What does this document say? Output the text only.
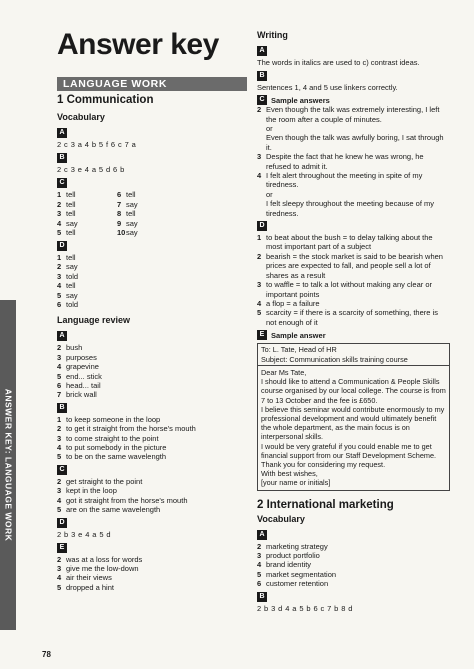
Answer key
LANGUAGE WORK
ANSWER KEY: LANGUAGE WORK
1 Communication
Vocabulary
A
2 c 3 a 4 b 5 f 6 c 7 a
B
2 c 3 e 4 a 5 d 6 b
C
1 tell	6 tell
2 tell	7 say
3 tell	8 tell
4 say	9 say
5 tell	10say
D
1 tell
2 say
3 told
4 tell
5 say
6 told
Language review
A
2 bush
3 purposes
4 grapevine
5 end... stick
6 head... tail
7 brick wall
B
1 to keep someone in the loop
2 to get it straight from the horse's mouth
3 to come straight to the point
4 to put somebody in the picture
5 to be on the same wavelength
C
2 get straight to the point
3 kept in the loop
4 got it straight from the horse's mouth
5 are on the same wavelength
D
2 b 3 e 4 a 5 d
E
2 was at a loss for words
3 give me the low-down
4 air their views
5 dropped a hint
Writing
A
The words in italics are used to c) contrast ideas.
B
Sentences 1, 4 and 5 use linkers correctly.
C Sample answers
2 Even though the talk was extremely interesting, I left the room after a couple of minutes.
or
Even though the talk was awfully boring, I sat through it.
3 Despite the fact that he knew he was wrong, he refused to admit it.
4 I felt alert throughout the meeting in spite of my tiredness.
or
I felt sleepy throughout the meeting because of my tiredness.
D
1 to beat about the bush = to delay talking about the most important part of a subject
2 bearish = the stock market is said to be bearish when prices are expected to fall, and people sell a lot of shares as a result
3 to waffle = to talk a lot without making any clear or important points
4 a flop = a failure
5 scarcity = if there is a scarcity of something, there is not enough of it
E Sample answer
To: L. Tate, Head of HR
Subject: Communication skills training course
Dear Ms Tate,
I should like to attend a Communication & People Skills course organised by our local college. The course is from 7 to 13 October and the fee is £650.
I believe this seminar would contribute enormously to my professional development and would ultimately benefit the whole department, as the main focus is on interpersonal skills.
I would be very grateful if you could enable me to get financial support from our Staff Development Scheme. Thank you for considering my request.
With best wishes,
[your name or initials]
2 International marketing
Vocabulary
A
2 marketing strategy
3 product portfolio
4 brand identity
5 market segmentation
6 customer retention
B
2 b 3 d 4 a 5 b 6 c 7 b 8 d
78
